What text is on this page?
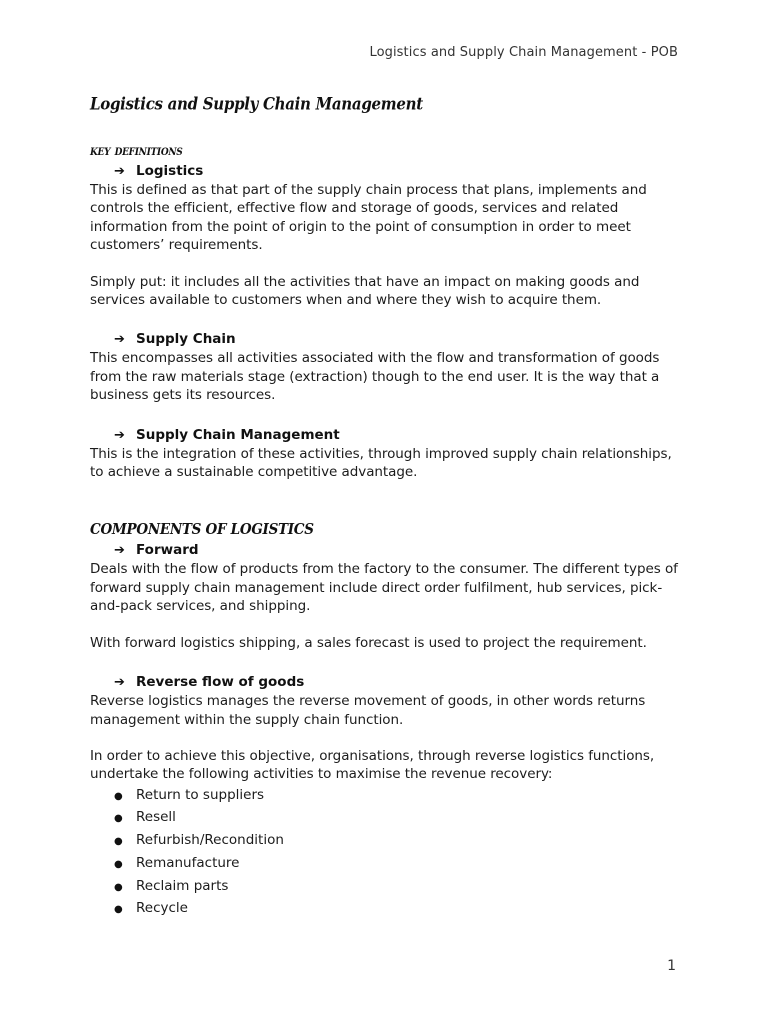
Logistics and Supply Chain Management - POB
Logistics and Supply Chain Management
key definitions
➔ Logistics

This is defined as that part of the supply chain process that plans, implements and controls the efficient, effective flow and storage of goods, services and related information from the point of origin to the point of consumption in order to meet customers’ requirements.

Simply put: it includes all the activities that have an impact on making goods and services available to customers when and where they wish to acquire them.

➔ Supply Chain

This encompasses all activities associated with the flow and transformation of goods from the raw materials stage (extraction) though to the end user. It is the way that a business gets its resources.

➔ Supply Chain Management

This is the integration of these activities, through improved supply chain relationships, to achieve a sustainable competitive advantage.

COMPONENTS OF LOGISTICS
➔ Forward

Deals with the flow of products from the factory to the consumer. The different types of forward supply chain management include direct order fulfilment, hub services, pick-and-pack services, and shipping.

With forward logistics shipping, a sales forecast is used to project the requirement.

➔ Reverse flow of goods

Reverse logistics manages the reverse movement of goods, in other words returns management within the supply chain function.

In order to achieve this objective, organisations, through reverse logistics functions, undertake the following activities to maximise the revenue recovery:

● Return to suppliers
● Resell
● Refurbish/Recondition
● Remanufacture
● Reclaim parts
● Recycle
1
